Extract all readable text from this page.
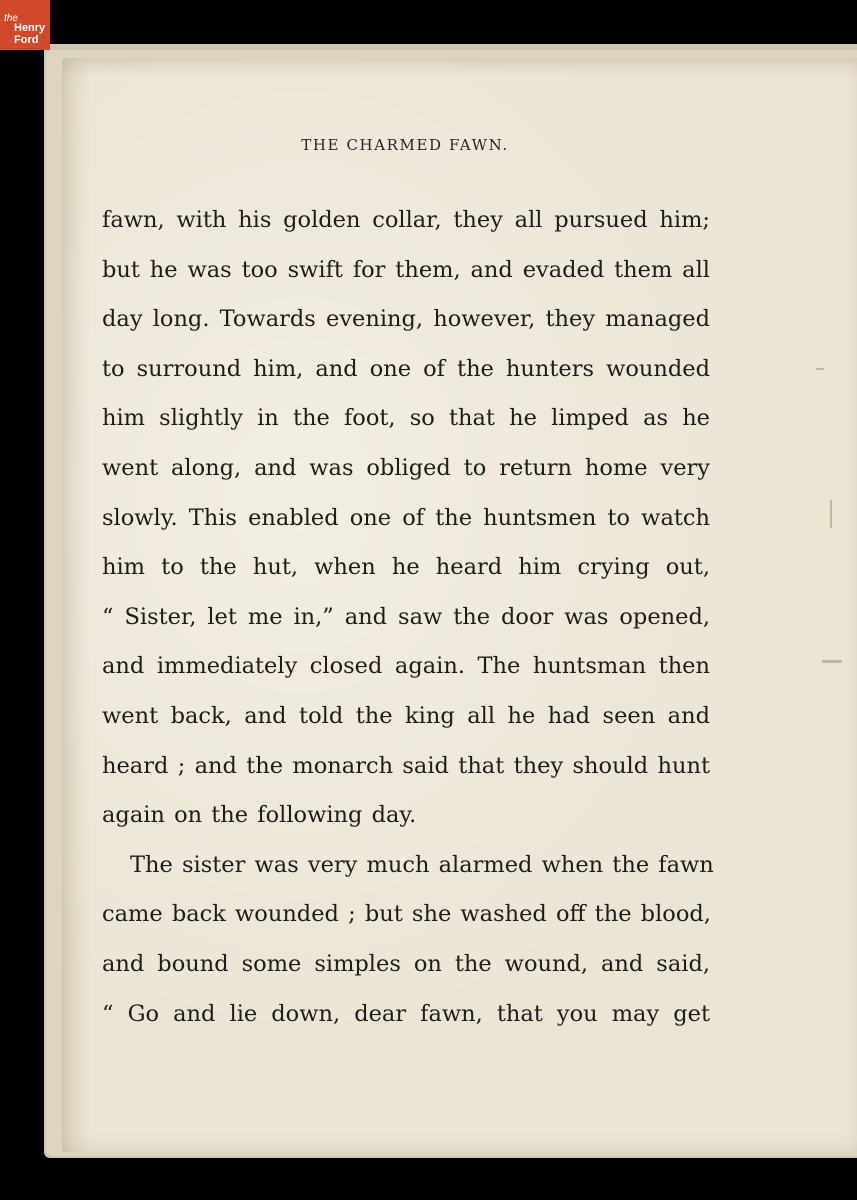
the
Henry
Ford
THE CHARMED FAWN.
fawn, with his golden collar, they all pursued him;
but he was too swift for them, and evaded them all
day long. Towards evening, however, they managed
to surround him, and one of the hunters wounded
him slightly in the foot, so that he limped as he
went along, and was obliged to return home very
slowly. This enabled one of the huntsmen to watch
him to the hut, when he heard him crying out,
“ Sister, let me in,” and saw the door was opened,
and immediately closed again. The huntsman then
went back, and told the king all he had seen and
heard ; and the monarch said that they should hunt
again on the following day.
The sister was very much alarmed when the fawn
came back wounded ; but she washed off the blood,
and bound some simples on the wound, and said,
“ Go and lie down, dear fawn, that you may get
